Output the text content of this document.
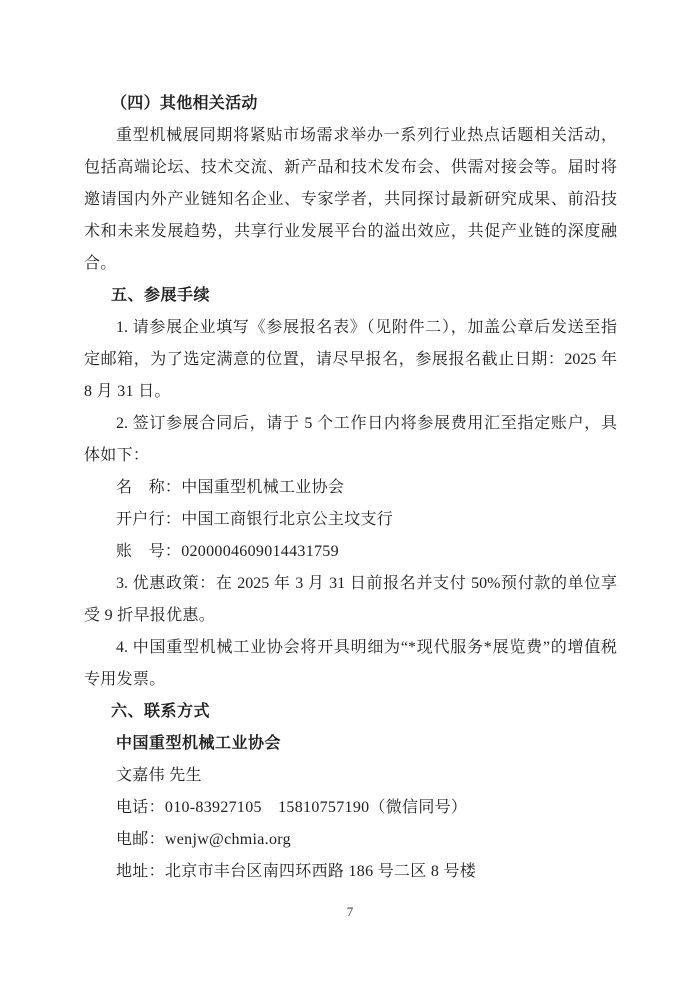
（四）其他相关活动
重型机械展同期将紧贴市场需求举办一系列行业热点话题相关活动，
包括高端论坛、技术交流、新产品和技术发布会、供需对接会等。届时将
邀请国内外产业链知名企业、专家学者，共同探讨最新研究成果、前沿技
术和未来发展趋势，共享行业发展平台的溢出效应，共促产业链的深度融
合。
五、参展手续
1. 请参展企业填写《参展报名表》（见附件二），加盖公章后发送至指
定邮箱，为了选定满意的位置，请尽早报名，参展报名截止日期：2025 年
8 月 31 日。
2. 签订参展合同后，请于 5 个工作日内将参展费用汇至指定账户，具
体如下：
名　称：中国重型机械工业协会
开户行：中国工商银行北京公主坟支行
账　号：0200004609014431759
3. 优惠政策：在 2025 年 3 月 31 日前报名并支付 50%预付款的单位享
受 9 折早报优惠。
4. 中国重型机械工业协会将开具明细为“*现代服务*展览费”的增值税
专用发票。
六、联系方式
中国重型机械工业协会
文嘉伟 先生
电话：010-83927105　15810757190（微信同号）
电邮：wenjw@chmia.org
地址：北京市丰台区南四环西路 186 号二区 8 号楼
7
